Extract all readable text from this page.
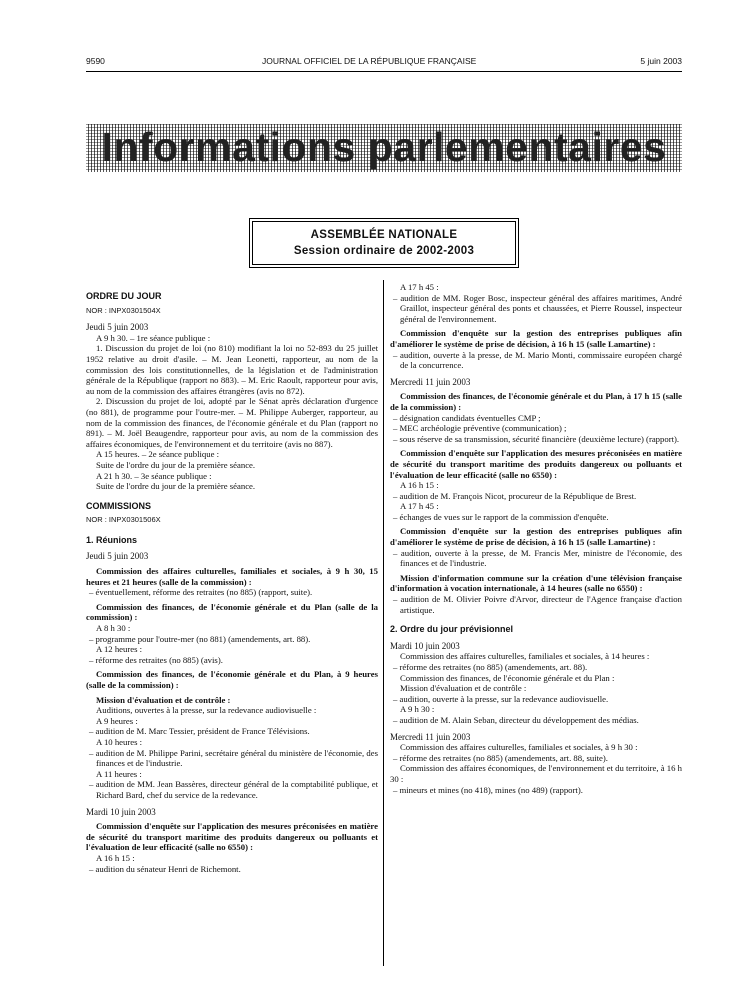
9590	JOURNAL OFFICIEL DE LA RÉPUBLIQUE FRANÇAISE	5 juin 2003
Informations parlementaires
ASSEMBLÉE NATIONALE
Session ordinaire de 2002-2003

ORDRE DU JOUR

NOR : INPX0301504X

Jeudi 5 juin 2003

A 9 h 30. – 1re séance publique :

1. Discussion du projet de loi (no 810) modifiant la loi no 52-893 du 25 juillet 1952 relative au droit d'asile. – M. Jean Leonetti, rapporteur, au nom de la commission des lois constitutionnelles, de la législation et de l'administration générale de la République (rapport no 883). – M. Eric Raoult, rapporteur pour avis, au nom de la commission des affaires étrangères (avis no 872).

2. Discussion du projet de loi, adopté par le Sénat après déclaration d'urgence (no 881), de programme pour l'outre-mer. – M. Philippe Auberger, rapporteur, au nom de la commission des finances, de l'économie générale et du Plan (rapport no 891). – M. Joël Beaugendre, rapporteur pour avis, au nom de la commission des affaires économiques, de l'environnement et du territoire (avis no 887).

A 15 heures. – 2e séance publique :

Suite de l'ordre du jour de la première séance.

A 21 h 30. – 3e séance publique :

Suite de l'ordre du jour de la première séance.

COMMISSIONS

NOR : INPX0301506X

1. Réunions

Jeudi 5 juin 2003

Commission des affaires culturelles, familiales et sociales, à 9 h 30, 15 heures et 21 heures (salle de la commission) :

– éventuellement, réforme des retraites (no 885) (rapport, suite).

Commission des finances, de l'économie générale et du Plan (salle de la commission) :

A 8 h 30 :

– programme pour l'outre-mer (no 881) (amendements, art. 88).

A 12 heures :

– réforme des retraites (no 885) (avis).

Commission des finances, de l'économie générale et du Plan, à 9 heures (salle de la commission) :

Mission d'évaluation et de contrôle :

Auditions, ouvertes à la presse, sur la redevance audiovisuelle :

A 9 heures :

– audition de M. Marc Tessier, président de France Télévisions.

A 10 heures :

– audition de M. Philippe Parini, secrétaire général du ministère de l'économie, des finances et de l'industrie.

A 11 heures :

– audition de MM. Jean Bassères, directeur général de la comptabilité publique, et Richard Bard, chef du service de la redevance.

Mardi 10 juin 2003

Commission d'enquête sur l'application des mesures préconisées en matière de sécurité du transport maritime des produits dangereux ou polluants et l'évaluation de leur efficacité (salle no 6550) :

A 16 h 15 :

– audition du sénateur Henri de Richemont.

A 17 h 45 :

– audition de MM. Roger Bosc, inspecteur général des affaires maritimes, André Graillot, inspecteur général des ponts et chaussées, et Pierre Roussel, inspecteur général de l'environnement.

Commission d'enquête sur la gestion des entreprises publiques afin d'améliorer le système de prise de décision, à 16 h 15 (salle Lamartine) :

– audition, ouverte à la presse, de M. Mario Monti, commissaire européen chargé de la concurrence.

Mercredi 11 juin 2003

Commission des finances, de l'économie générale et du Plan, à 17 h 15 (salle de la commission) :

– désignation candidats éventuelles CMP ;

– MEC archéologie préventive (communication) ;

– sous réserve de sa transmission, sécurité financière (deuxième lecture) (rapport).

Commission d'enquête sur l'application des mesures préconisées en matière de sécurité du transport maritime des produits dangereux ou polluants et l'évaluation de leur efficacité (salle no 6550) :

A 16 h 15 :

– audition de M. François Nicot, procureur de la République de Brest.

A 17 h 45 :

– échanges de vues sur le rapport de la commission d'enquête.

Commission d'enquête sur la gestion des entreprises publiques afin d'améliorer le système de prise de décision, à 16 h 15 (salle Lamartine) :

– audition, ouverte à la presse, de M. Francis Mer, ministre de l'économie, des finances et de l'industrie.

Mission d'information commune sur la création d'une télévision française d'information à vocation internationale, à 14 heures (salle no 6550) :

– audition de M. Olivier Poivre d'Arvor, directeur de l'Agence française d'action artistique.

2. Ordre du jour prévisionnel

Mardi 10 juin 2003

Commission des affaires culturelles, familiales et sociales, à 14 heures :

– réforme des retraites (no 885) (amendements, art. 88).

Commission des finances, de l'économie générale et du Plan :

Mission d'évaluation et de contrôle :

– audition, ouverte à la presse, sur la redevance audiovisuelle.

A 9 h 30 :

– audition de M. Alain Seban, directeur du développement des médias.

Mercredi 11 juin 2003

Commission des affaires culturelles, familiales et sociales, à 9 h 30 :

– réforme des retraites (no 885) (amendements, art. 88, suite).

Commission des affaires économiques, de l'environnement et du territoire, à 16 h 30 :

– mineurs et mines (no 418), mines (no 489) (rapport).
